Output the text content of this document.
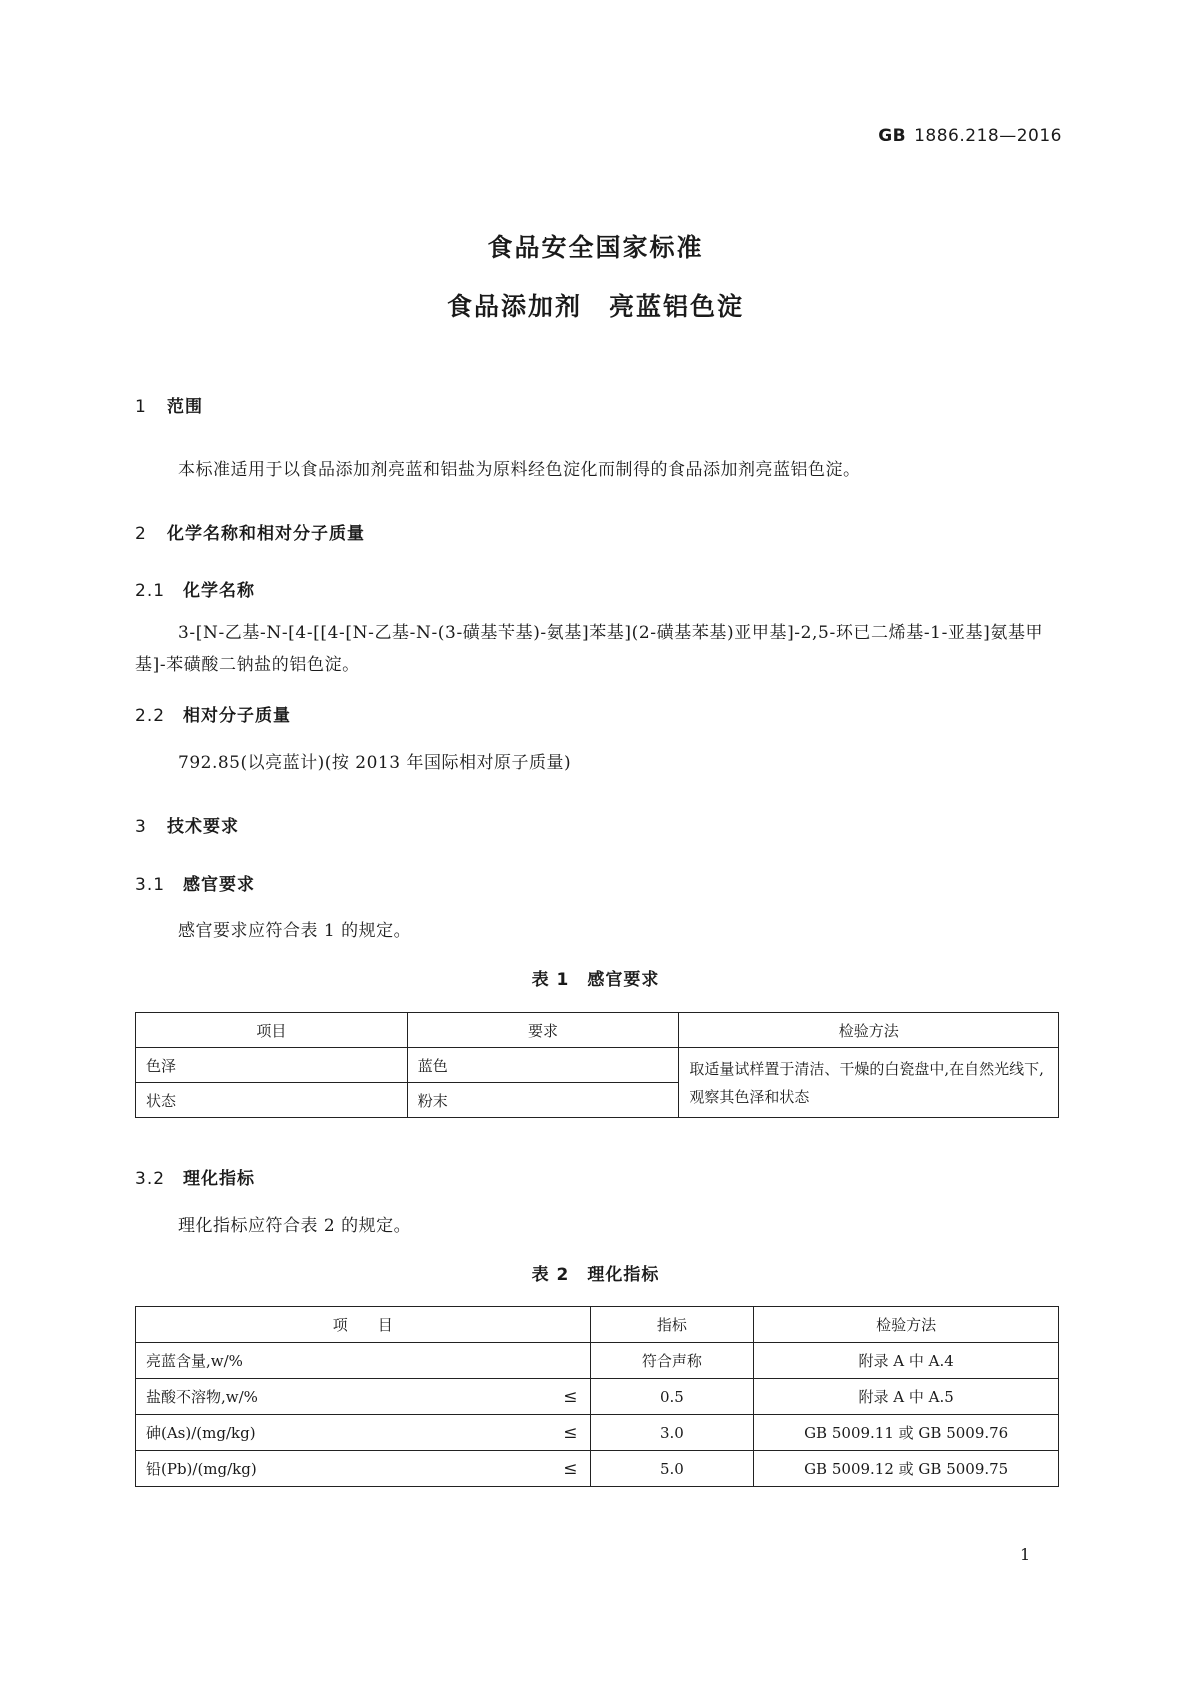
GB 1886.218—2016
食品安全国家标准
食品添加剂　亮蓝铝色淀
1 范围
本标准适用于以食品添加剂亮蓝和铝盐为原料经色淀化而制得的食品添加剂亮蓝铝色淀。
2 化学名称和相对分子质量
2.1 化学名称
3-[N-乙基-N-[4-[[4-[N-乙基-N-(3-磺基苄基)-氨基]苯基](2-磺基苯基)亚甲基]-2,5-环已二烯基-1-亚基]氨基甲基]-苯磺酸二钠盐的铝色淀。
2.2 相对分子质量
792.85(以亮蓝计)(按 2013 年国际相对原子质量)
3 技术要求
3.1 感官要求
感官要求应符合表 1 的规定。
表 1 感官要求
项目	要求	检验方法
色泽	蓝色	取适量试样置于清洁、干燥的白瓷盘中,在自然光线下,观察其色泽和状态
状态	粉末	
3.2 理化指标
理化指标应符合表 2 的规定。
表 2 理化指标
项　　目	指标	检验方法

亮蓝含量,w/%	符合声称	附录 A 中 A.4

盐酸不溶物,w/% ≤	0.5	附录 A 中 A.5

砷(As)/(mg/kg) ≤	3.0	GB 5009.11 或 GB 5009.76

铅(Pb)/(mg/kg) ≤	5.0	GB 5009.12 或 GB 5009.75
1
